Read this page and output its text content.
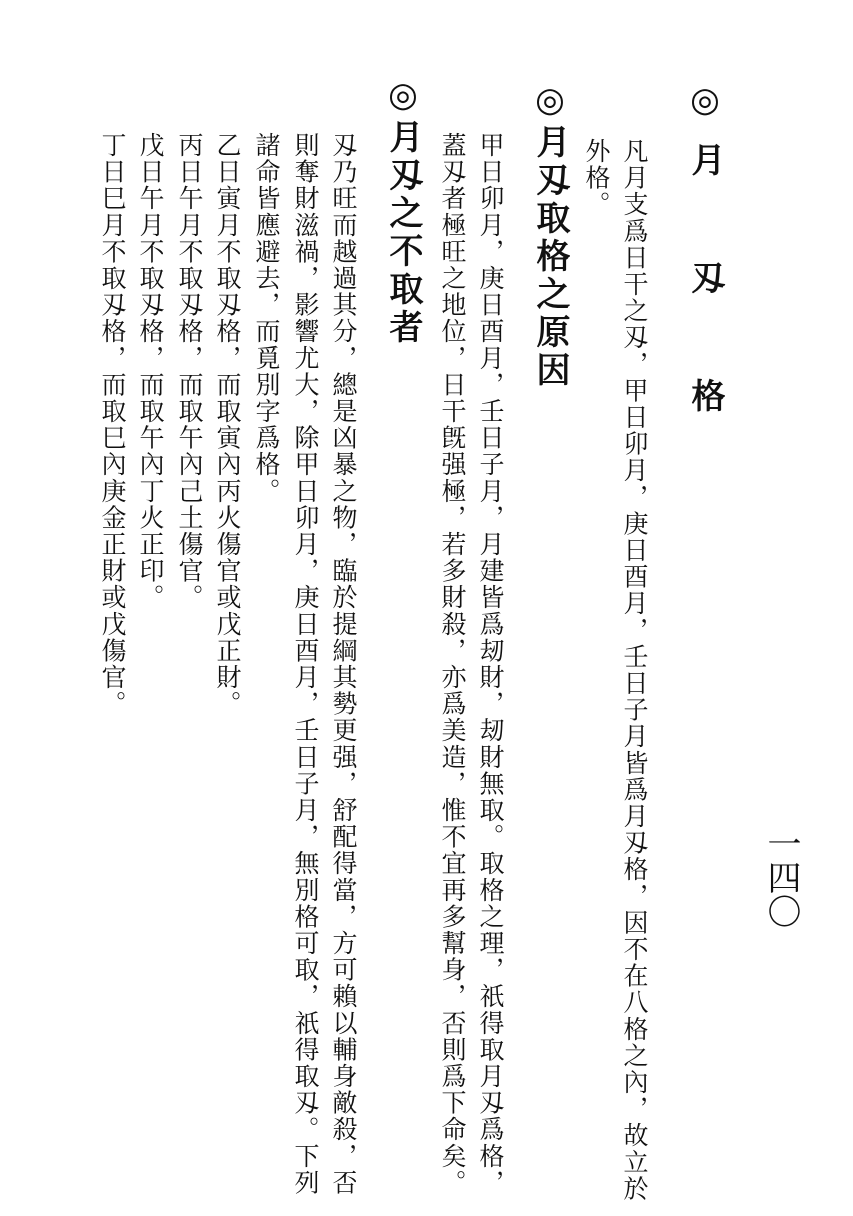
一四〇
◎月 刄 格
凡月支爲日干之刄，甲日卯月，庚日酉月，壬日子月皆爲月刄格，因不在八格之內，故立於
外格。
◎月刄取格之原因
甲日卯月，庚日酉月，壬日子月，月建皆爲刼財，刼財無取。取格之理，祇得取月刄爲格，
蓋刄者極旺之地位，日干旣强極，若多財殺，亦爲美造，惟不宜再多幫身，否則爲下命矣。
◎月刄之不取者
刄乃旺而越過其分，總是凶暴之物，臨於提綱其勢更强，舒配得當，方可賴以輔身敵殺，否
則奪財滋禍，影響尤大，除甲日卯月，庚日酉月，壬日子月，無別格可取，祇得取刄。下列
諸命皆應避去，而覓別字爲格。
乙日寅月不取刄格，而取寅內丙火傷官或戊正財。
丙日午月不取刄格，而取午內己土傷官。
戊日午月不取刄格，而取午內丁火正印。
丁日巳月不取刄格，而取巳內庚金正財或戊傷官。
